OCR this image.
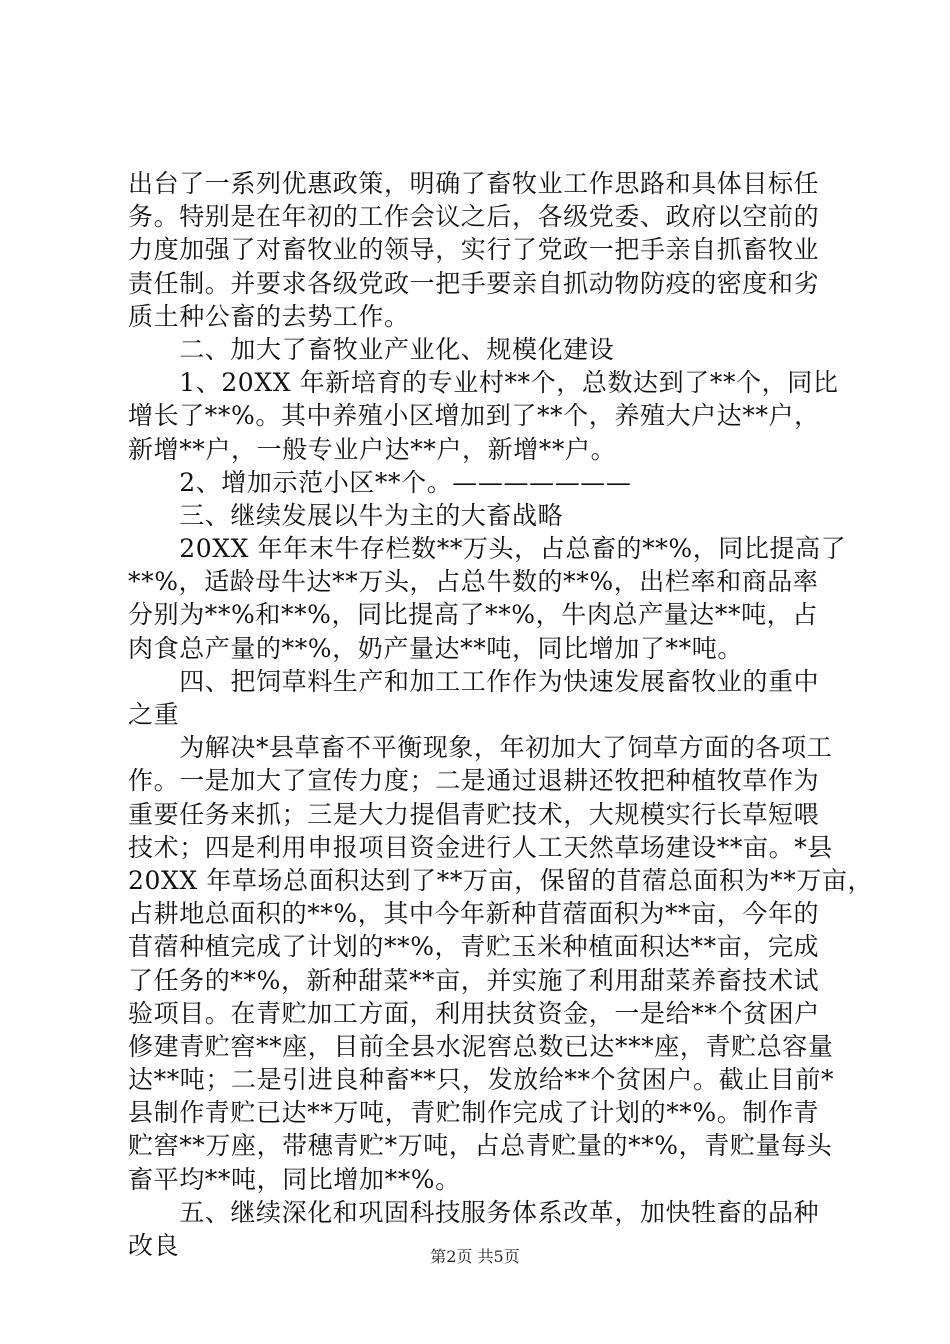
出台了一系列优惠政策，明确了畜牧业工作思路和具体目标任
务。特别是在年初的工作会议之后，各级党委、政府以空前的
力度加强了对畜牧业的领导，实行了党政一把手亲自抓畜牧业
责任制。并要求各级党政一把手要亲自抓动物防疫的密度和劣
质土种公畜的去势工作。
　　二、加大了畜牧业产业化、规模化建设
　　1、20XX 年新培育的专业村**个，总数达到了**个，同比
增长了**%。其中养殖小区增加到了**个，养殖大户达**户，
新增**户，一般专业户达**户，新增**户。
　　2、增加示范小区**个。———————
　　三、继续发展以牛为主的大畜战略
　　20XX 年年末牛存栏数**万头，占总畜的**%，同比提高了
**%，适龄母牛达**万头，占总牛数的**%，出栏率和商品率
分别为**%和**%，同比提高了**%，牛肉总产量达**吨，占
肉食总产量的**%，奶产量达**吨，同比增加了**吨。
　　四、把饲草料生产和加工工作作为快速发展畜牧业的重中
之重
　　为解决*县草畜不平衡现象，年初加大了饲草方面的各项工
作。一是加大了宣传力度；二是通过退耕还牧把种植牧草作为
重要任务来抓；三是大力提倡青贮技术，大规模实行长草短喂
技术；四是利用申报项目资金进行人工天然草场建设**亩。*县
20XX 年草场总面积达到了**万亩，保留的苜蓿总面积为**万亩，
占耕地总面积的**%，其中今年新种苜蓿面积为**亩，今年的
苜蓿种植完成了计划的**%，青贮玉米种植面积达**亩，完成
了任务的**%，新种甜菜**亩，并实施了利用甜菜养畜技术试
验项目。在青贮加工方面，利用扶贫资金，一是给**个贫困户
修建青贮窖**座，目前全县水泥窖总数已达***座，青贮总容量
达**吨；二是引进良种畜**只，发放给**个贫困户。截止目前*
县制作青贮已达**万吨，青贮制作完成了计划的**%。制作青
贮窖**万座，带穗青贮*万吨，占总青贮量的**%，青贮量每头
畜平均**吨，同比增加**%。
　　五、继续深化和巩固科技服务体系改革，加快牲畜的品种
改良	第2页 共5页
